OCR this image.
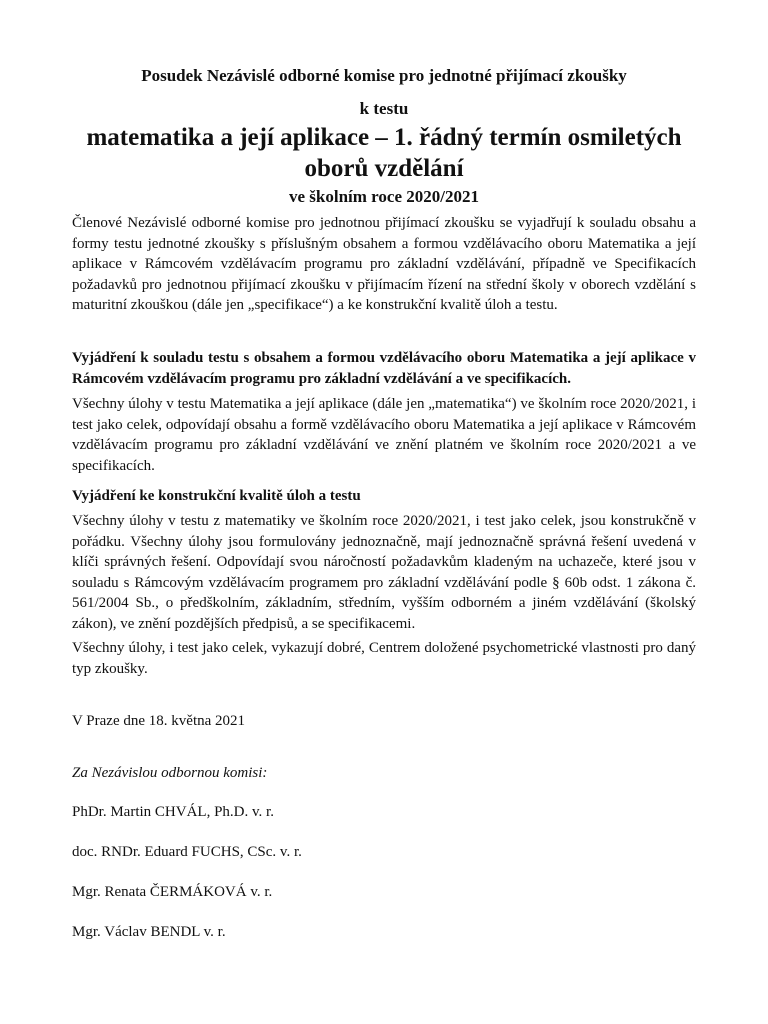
Posudek Nezávislé odborné komise pro jednotné přijímací zkoušky
k testu
matematika a její aplikace – 1. řádný termín osmiletých oborů vzdělání
ve školním roce 2020/2021

Členové Nezávislé odborné komise pro jednotnou přijímací zkoušku se vyjadřují k souladu obsahu a formy testu jednotné zkoušky s příslušným obsahem a formou vzdělávacího oboru Matematika a její aplikace v Rámcovém vzdělávacím programu pro základní vzdělávání, případně ve Specifikacích požadavků pro jednotnou přijímací zkoušku v přijímacím řízení na střední školy v oborech vzdělání s maturitní zkouškou (dále jen „specifikace“) a ke konstrukční kvalitě úloh a testu.

Vyjádření k souladu testu s obsahem a formou vzdělávacího oboru Matematika a její aplikace v Rámcovém vzdělávacím programu pro základní vzdělávání a ve specifikacích.

Všechny úlohy v testu Matematika a její aplikace (dále jen „matematika“) ve školním roce 2020/2021, i test jako celek, odpovídají obsahu a formě vzdělávacího oboru Matematika a její aplikace v Rámcovém vzdělávacím programu pro základní vzdělávání ve znění platném ve školním roce 2020/2021 a ve specifikacích.

Vyjádření ke konstrukční kvalitě úloh a testu

Všechny úlohy v testu z matematiky ve školním roce 2020/2021, i test jako celek, jsou konstrukčně v pořádku. Všechny úlohy jsou formulovány jednoznačně, mají jednoznačně správná řešení uvedená v klíči správných řešení. Odpovídají svou náročností požadavkům kladeným na uchazeče, které jsou v souladu s Rámcovým vzdělávacím programem pro základní vzdělávání podle § 60b odst. 1 zákona č. 561/2004 Sb., o předškolním, základním, středním, vyšším odborném a jiném vzdělávání (školský zákon), ve znění pozdějších předpisů, a se specifikacemi.

Všechny úlohy, i test jako celek, vykazují dobré, Centrem doložené psychometrické vlastnosti pro daný typ zkoušky.

V Praze dne 18. května 2021

Za Nezávislou odbornou komisi:

PhDr. Martin CHVÁL, Ph.D. v. r.

doc. RNDr. Eduard FUCHS, CSc. v. r.

Mgr. Renata ČERMÁKOVÁ v. r.

Mgr. Václav BENDL v. r.
